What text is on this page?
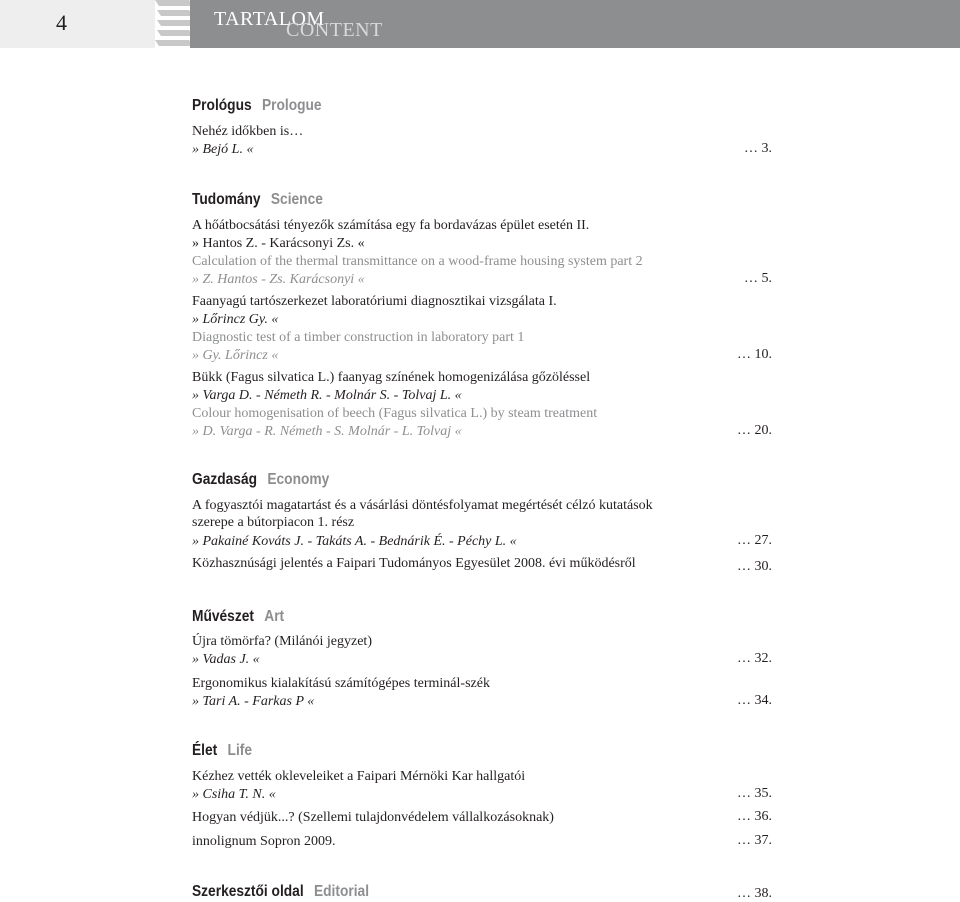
4	TARTALOM
CONTENT
Prológus Prologue
Nehéz időkben is…
» Bejó L. «	… 3.
Tudomány Science
A hőátbocsátási tényezők számítása egy fa bordavázas épület esetén II.
» Hantos Z. - Karácsonyi Zs. «
Calculation of the thermal transmittance on a wood-frame housing system part 2
» Z. Hantos - Zs. Karácsonyi «	… 5.
Faanyagú tartószerkezet laboratóriumi diagnosztikai vizsgálata I.
» Lőrincz Gy. «
Diagnostic test of a timber construction in laboratory part 1
» Gy. Lőrincz «	… 10.
Bükk (Fagus silvatica L.) faanyag színének homogenizálása gőzöléssel
» Varga D. - Németh R. - Molnár S. - Tolvaj L. «
Colour homogenisation of beech (Fagus silvatica L.) by steam treatment
» D. Varga - R. Németh - S. Molnár - L. Tolvaj «	… 20.
Gazdaság Economy
A fogyasztói magatartást és a vásárlási döntésfolyamat megértését célzó kutatások szerepe a bútorpiacon 1. rész
» Pakainé Kováts J. - Takáts A. - Bednárik É. - Péchy L. «	… 27.
Közhasznúsági jelentés a Faipari Tudományos Egyesület 2008. évi működésről	… 30.
Művészet Art
Újra tömörfa? (Milánói jegyzet)
» Vadas J. «	… 32.
Ergonomikus kialakítású számítógépes terminál-szék
» Tari A. - Farkas P «	… 34.
Élet Life
Kézhez vették okleveleiket a Faipari Mérnöki Kar hallgatói
» Csiha T. N. «	… 35.
Hogyan védjük...? (Szellemi tulajdonvédelem vállalkozásoknak)	… 36.
innolignum Sopron 2009.	… 37.
Szerkesztői oldal Editorial	… 38.
